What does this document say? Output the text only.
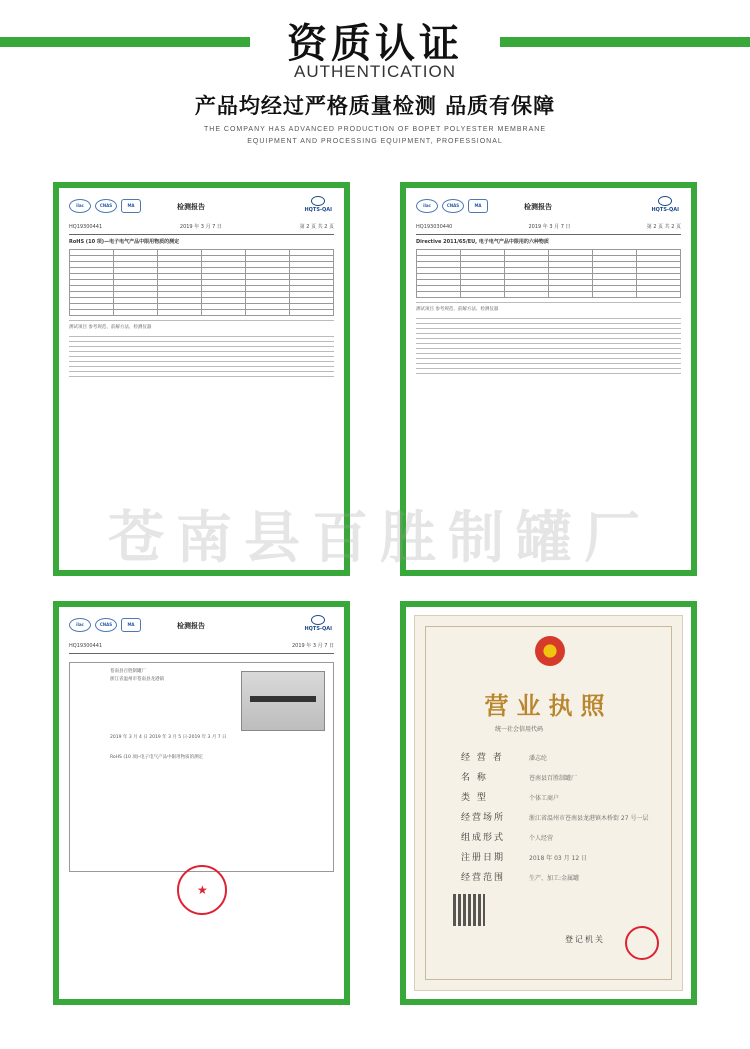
资质认证
AUTHENTICATION
产品均经过严格质量检测 品质有保障
THE COMPANY HAS ADVANCED PRODUCTION OF BOPET POLYESTER MEMBRANE
EQUIPMENT AND PROCESSING EQUIPMENT, PROFESSIONAL
ilac	CNAS	MA	检测报告	HQTS-QAI
HQ19300441	2019 年 3 月 7 日	第 2 页 共 2 页
RoHS (10 项)—电子电气产品中限用物质的测定

测试项目 参考规范、前解方法、检测仪器
ilac	CNAS	MA	检测报告	HQTS-QAI
HQ193030440	2019 年 3 月 7 日	第 2 页 共 2 页
Directive 2011/65/EU, 电子电气产品中限用的六种物质

测试项目 参考规范、前解方法、检测仪器
ilac	CNAS	MA	检测报告	HQTS-QAI
HQ19300441	2019 年 3 月 7 日
苍南县百胜制罐厂
浙江省温州市苍南县龙港镇
2019 年 3 月 4 日 2019 年 3 月 5 日-2019 年 3 月 7 日
RoHS (10 项)-电子电气产品中限用物质的测定
★
营业执照
统一社会信用代码
经 营 者	潘志纶
名 称	苍南县百胜制罐厂
类 型	个体工商户
经营场所	浙江省温州市苍南县龙港镇木桥街 27 号一层
组成形式	个人经营
注册日期	2018 年 03 月 12 日
经营范围	生产、加工:金属罐
登记机关
苍南县百胜制罐厂
